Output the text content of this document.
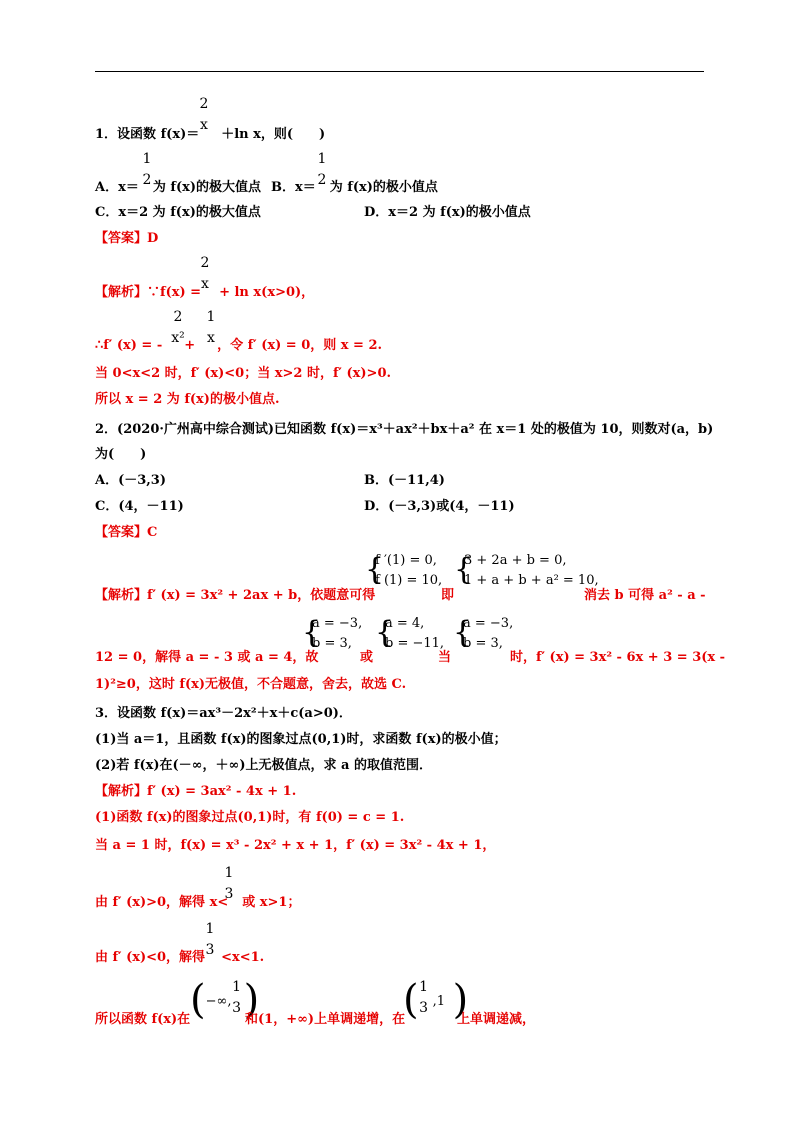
1．设函数 f(x)＝ ＋ln x，则(　　)
2
x
A．x＝ 为 f(x)的极大值点
1
2	B．x＝ 为 f(x)的极小值点
1
2
C．x＝2 为 f(x)的极大值点	D．x＝2 为 f(x)的极小值点
【答案】D
【解析】∵f(x) = + ln x(x>0)，
2
x
∴f′ (x) = - + ，令 f′ (x) = 0，则 x = 2.
2
x²
1
x
当 0<x<2 时，f′ (x)<0；当 x>2 时，f′ (x)>0.
所以 x = 2 为 f(x)的极小值点.
2．(2020·广州高中综合测试)已知函数 f(x)＝x³＋ax²＋bx＋a² 在 x＝1 处的极值为 10，则数对(a，b)
为(　　)
A．(－3,3)	B．(－11,4)
C．(4，－11)	D．(－3,3)或(4，－11)
【答案】C
【解析】f′ (x) = 3x² + 2ax + b，依题意可得
{
f ′(1) = 0,
f (1) = 10,
即
{
3 + 2a + b = 0,
1 + a + b + a² = 10,
消去 b 可得 a² - a -
12 = 0，解得 a = - 3 或 a = 4，故
{
a = −3,
b = 3,
或
{
a = 4,
b = −11,
当
{
a = −3,
b = 3,
时，f′ (x) = 3x² - 6x + 3 = 3(x -
1)²≥0，这时 f(x)无极值，不合题意，舍去，故选 C.
3．设函数 f(x)＝ax³－2x²＋x＋c(a>0)．
(1)当 a＝1，且函数 f(x)的图象过点(0,1)时，求函数 f(x)的极小值；
(2)若 f(x)在(－∞，＋∞)上无极值点，求 a 的取值范围．
【解析】f′ (x) = 3ax² - 4x + 1.
(1)函数 f(x)的图象过点(0,1)时，有 f(0) = c = 1.
当 a = 1 时，f(x) = x³ - 2x² + x + 1，f′ (x) = 3x² - 4x + 1，
由 f′ (x)>0，解得 x< 或 x>1；
1
3
由 f′ (x)<0，解得 <x<1.
1
3
所以函数 f(x)在 ( −∞,
1
3 )
和(1，+∞)上单调递增，在
( 1
3 ,1 )
上单调递减，
